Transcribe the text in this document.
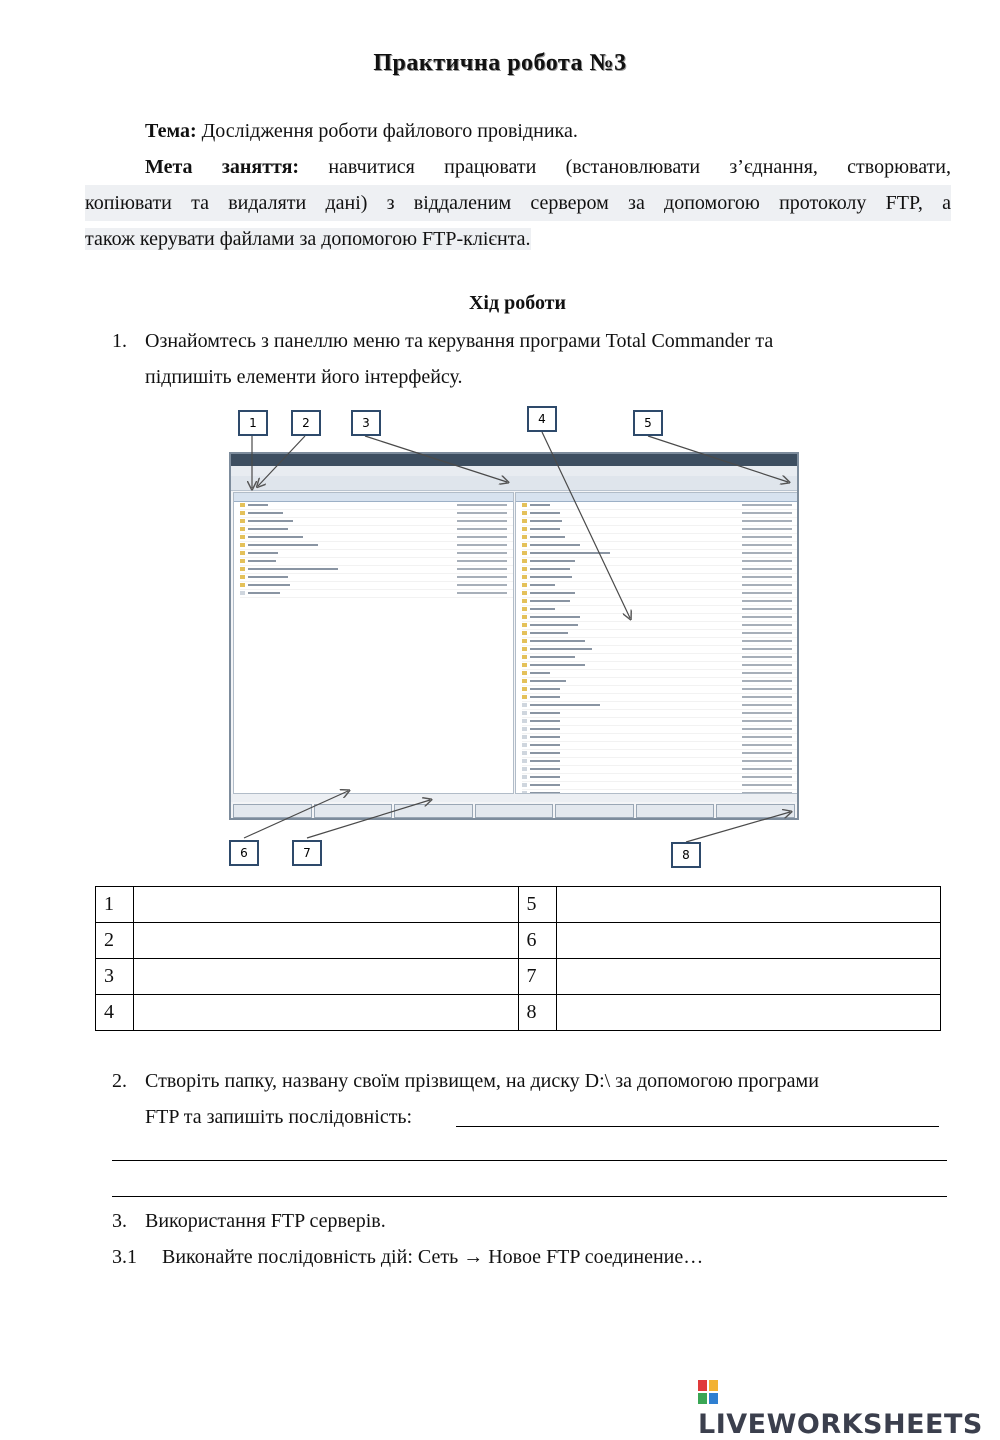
Практична робота №3
Тема: Дослідження роботи файлового провідника.
Мета заняття: навчитися працювати (встановлювати з’єднання, створювати,
копіювати та видаляти дані) з віддаленим сервером за допомогою протоколу FTP, а
також керувати файлами за допомогою FTP-клієнта.
Хід роботи
1. Ознайомтесь з панеллю меню та керування програми Total Commander та
підпишіть елементи його інтерфейсу.
1	2	3	4	5
6	7	8
1		5	
2		6	
3		7	
4		8	
2. Створіть папку, названу своїм прізвищем, на диску D:\ за допомогою програми
FTP та запишіть послідовність:
3. Використання FTP серверів.
3.1 Виконайте послідовність дій: Сеть → Новое FTP соединение…
LIVEWORKSHEETS
